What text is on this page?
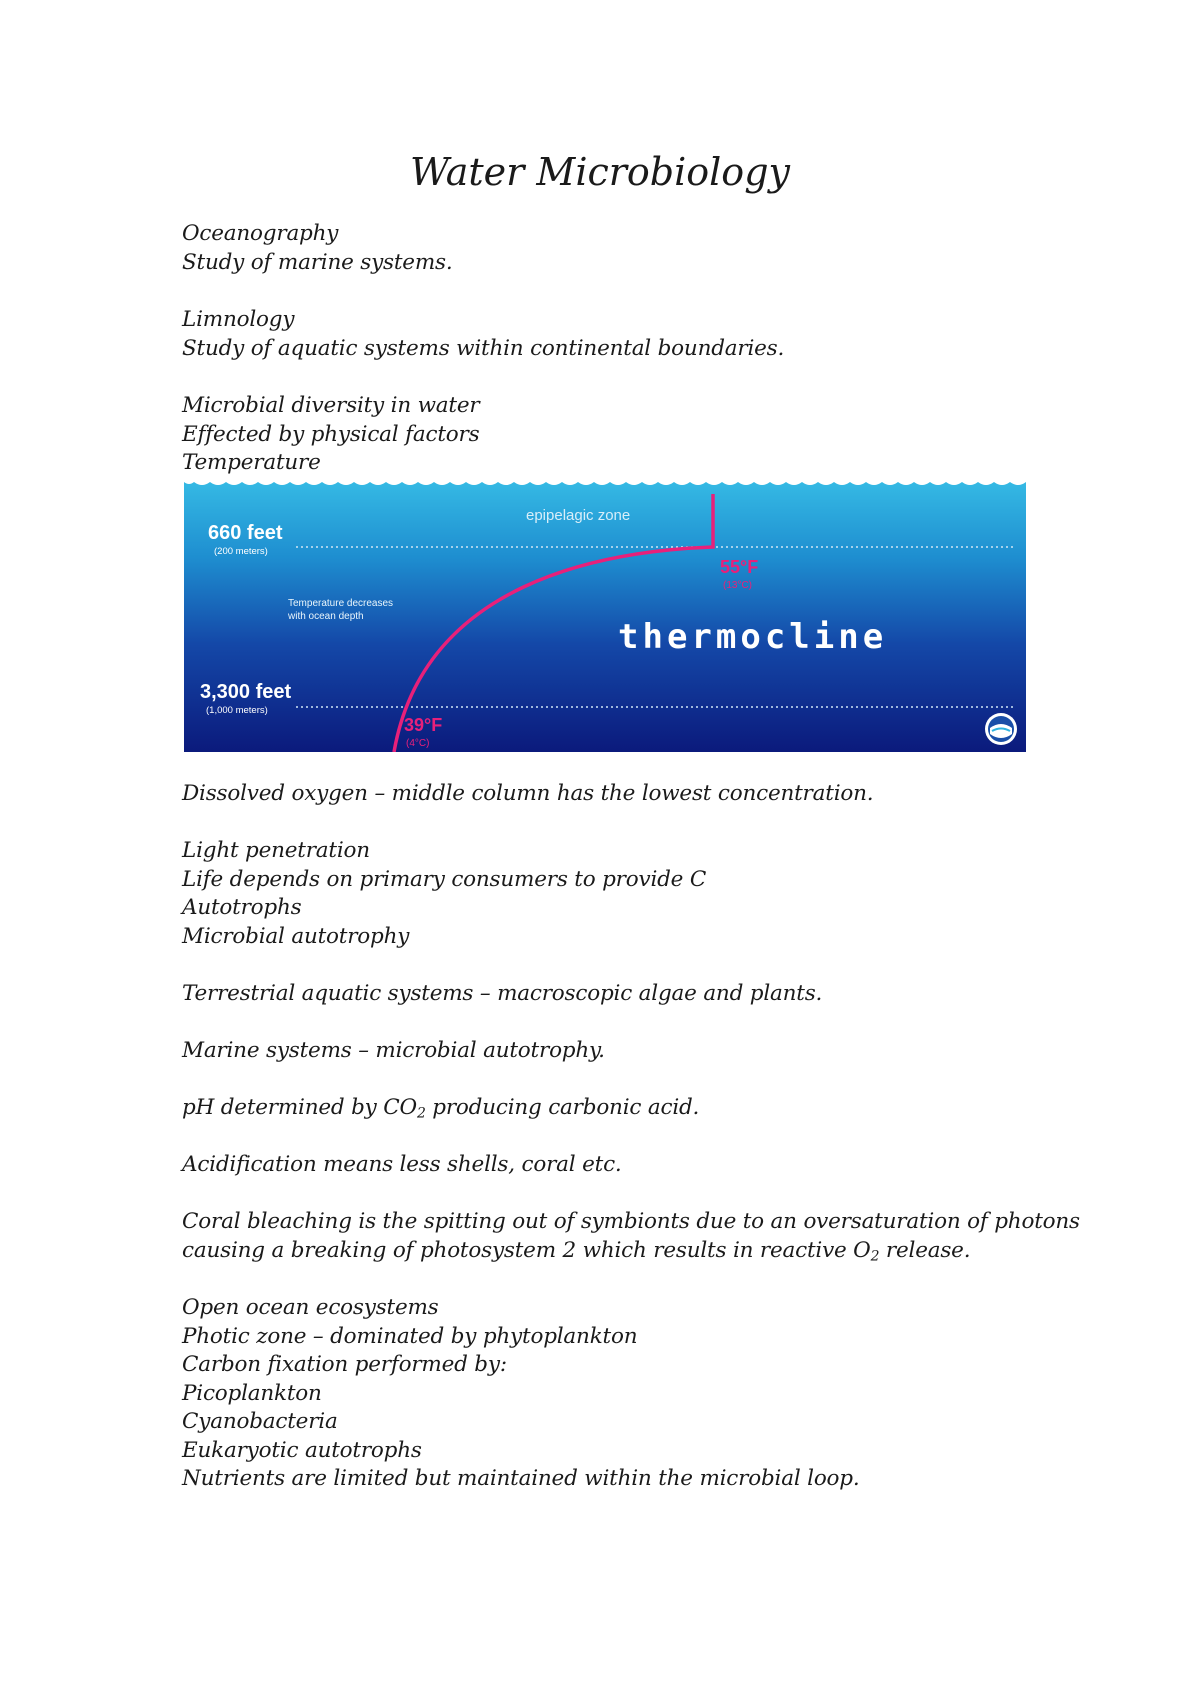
Water Microbiology

Oceanography
Study of marine systems.

Limnology
Study of aquatic systems within continental boundaries.

Microbial diversity in water
Effected by physical factors
Temperature

epipelagic zone
660 feet
(200 meters)
Temperature decreases
with ocean depth
55°F
(13°C)
thermocline
3,300 feet
(1,000 meters)
39°F
(4°C)

Dissolved oxygen – middle column has the lowest concentration.

Light penetration
Life depends on primary consumers to provide C
Autotrophs
Microbial autotrophy

Terrestrial aquatic systems – macroscopic algae and plants.

Marine systems – microbial autotrophy.

pH determined by $CO_2$ producing carbonic acid.

Acidification means less shells, coral etc.

Coral bleaching is the spitting out of symbionts due to an oversaturation of photons
causing a breaking of photosystem 2 which results in reactive $O_2$ release.

Open ocean ecosystems
Photic zone – dominated by phytoplankton
Carbon fixation performed by:
Picoplankton
Cyanobacteria
Eukaryotic autotrophs
Nutrients are limited but maintained within the microbial loop.
